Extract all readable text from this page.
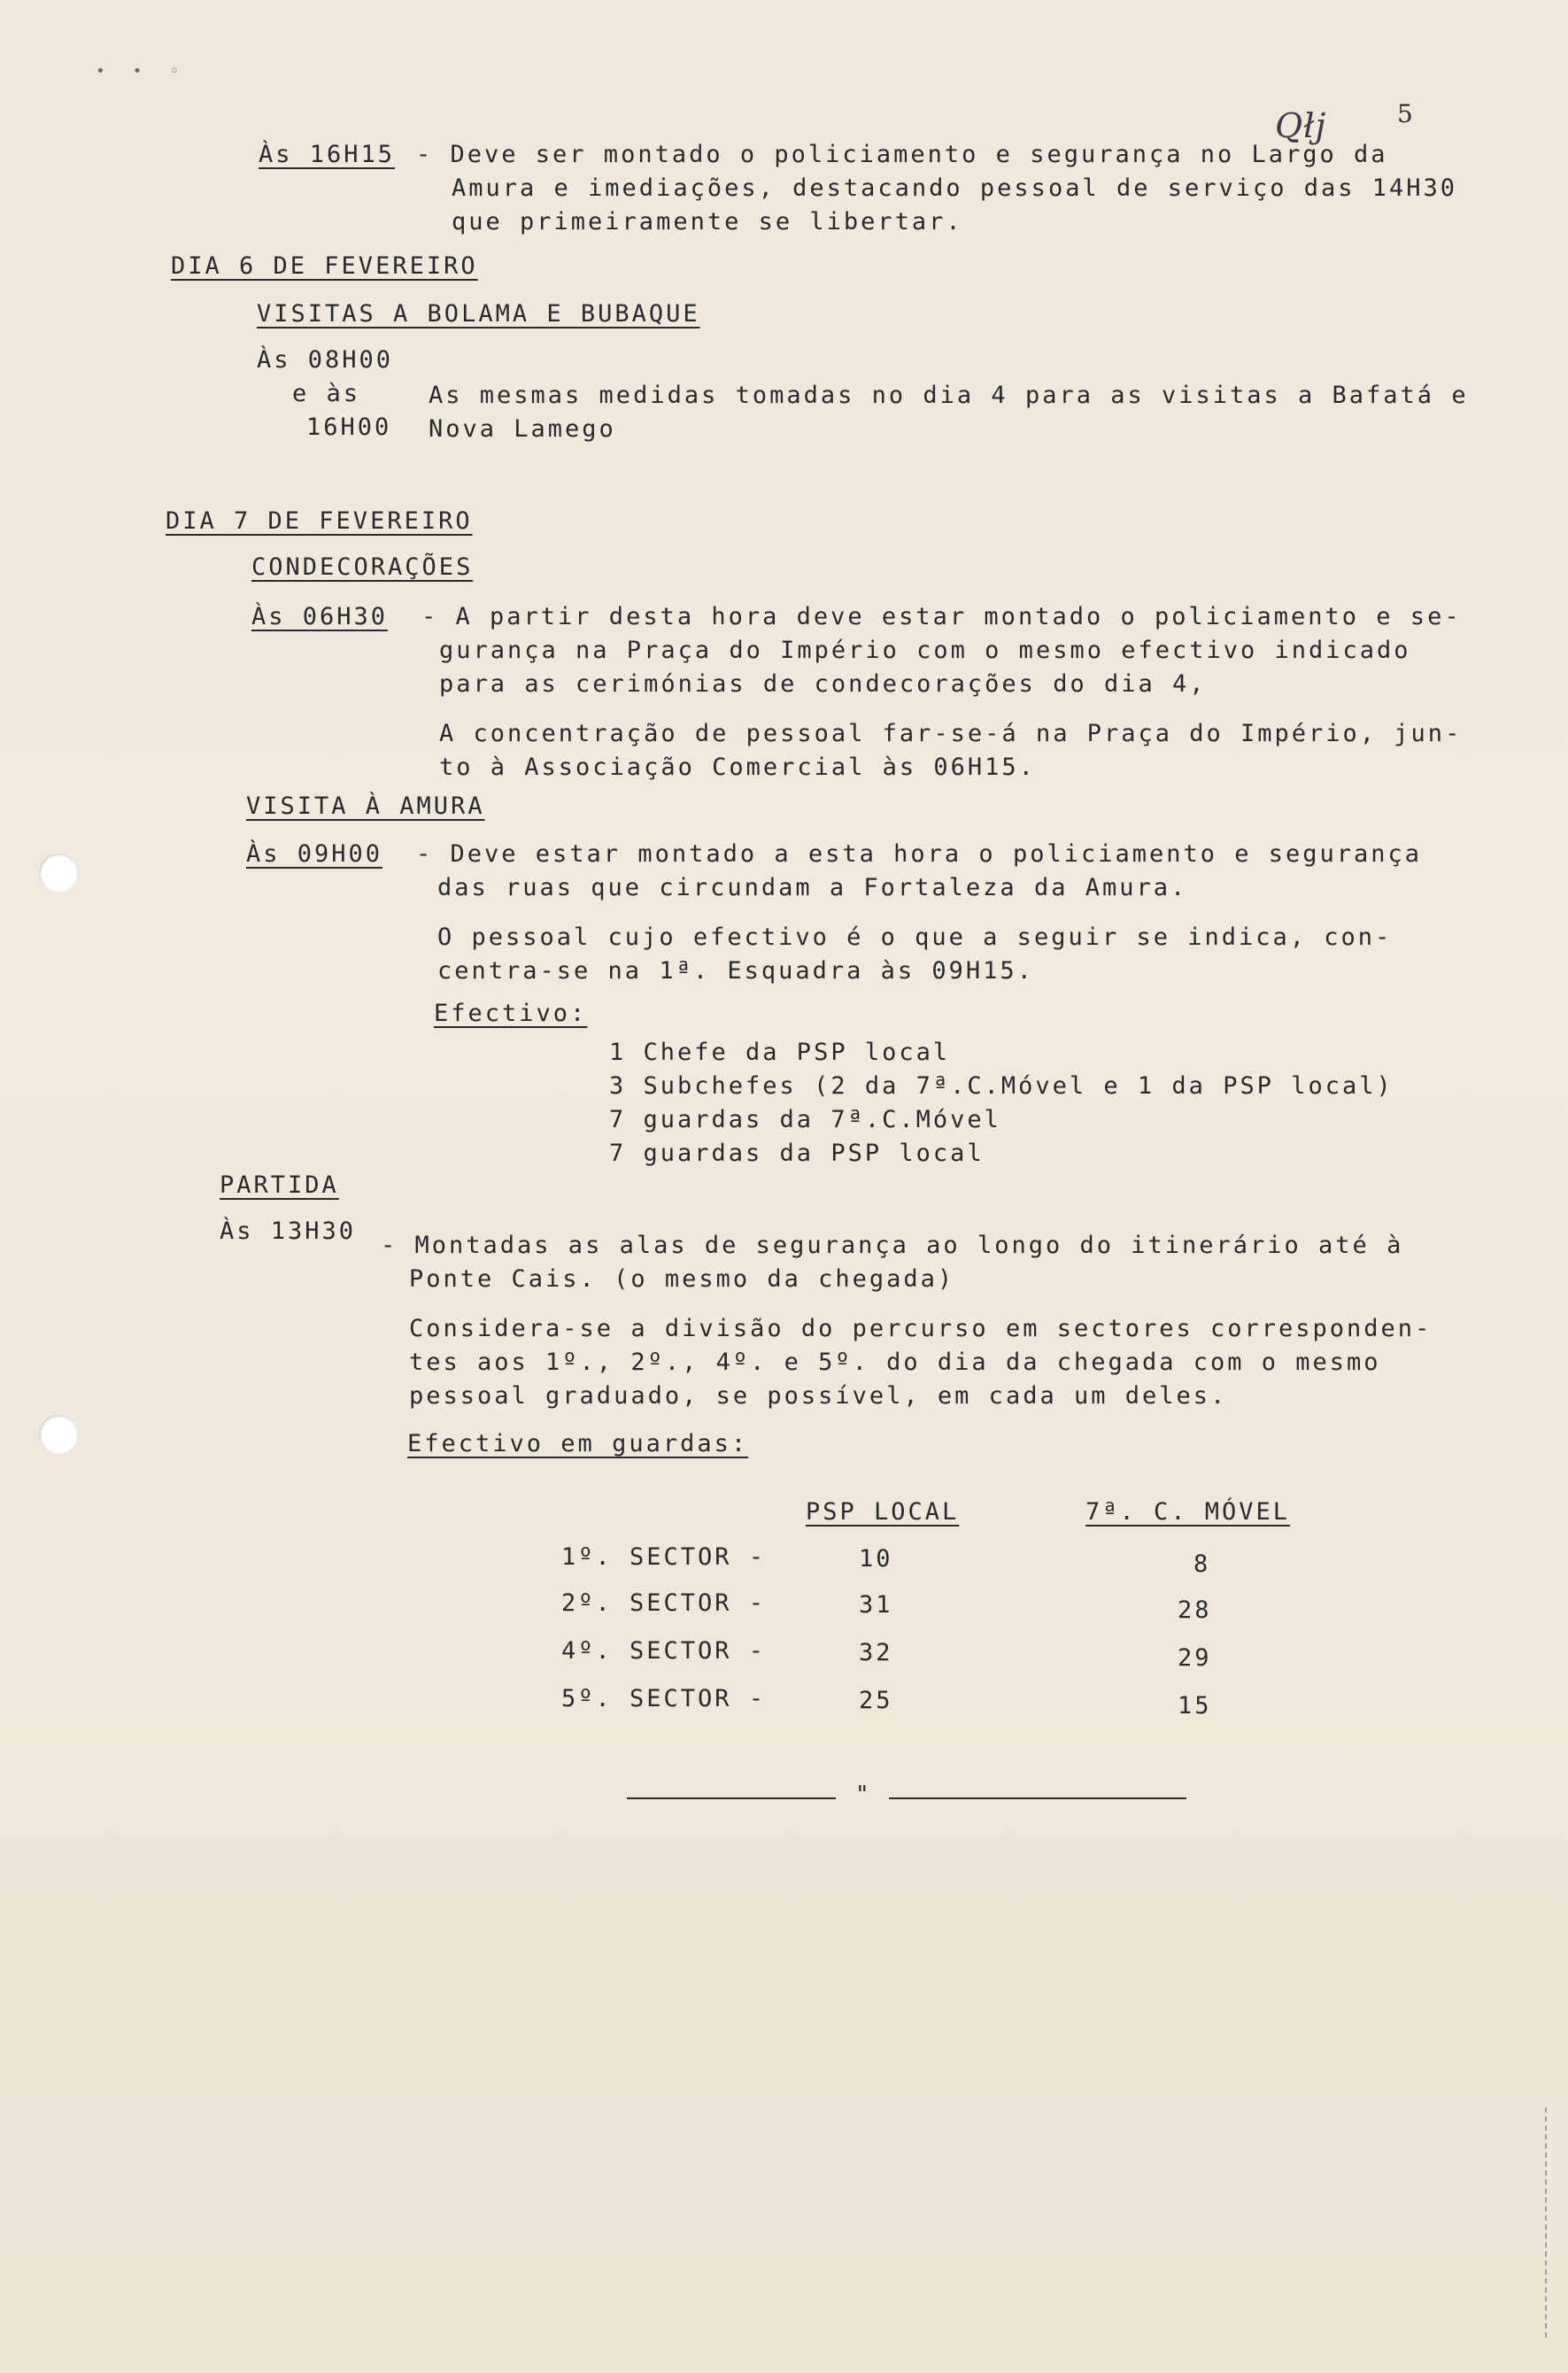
• • ◦
Qłj	5
Às 16H15 - Deve ser montado o policiamento e segurança no Largo da
Amura e imediações, destacando pessoal de serviço das 14H30
que primeiramente se libertar.
DIA 6 DE FEVEREIRO
VISITAS A BOLAMA E BUBAQUE
Às 08H00
e às
16H00
As mesmas medidas tomadas no dia 4 para as visitas a Bafatá e
Nova Lamego
DIA 7 DE FEVEREIRO
CONDECORAÇÕES
Às 06H30 - A partir desta hora deve estar montado o policiamento e se-
gurança na Praça do Império com o mesmo efectivo indicado
para as cerimónias de condecorações do dia 4,
A concentração de pessoal far-se-á na Praça do Império, jun-
to à Associação Comercial às 06H15.
VISITA À AMURA
Às 09H00 - Deve estar montado a esta hora o policiamento e segurança
das ruas que circundam a Fortaleza da Amura.
O pessoal cujo efectivo é o que a seguir se indica, con-
centra-se na 1ª. Esquadra às 09H15.
Efectivo:
1 Chefe da PSP local
3 Subchefes (2 da 7ª.C.Móvel e 1 da PSP local)
7 guardas da 7ª.C.Móvel
7 guardas da PSP local
PARTIDA
Às 13H30
- Montadas as alas de segurança ao longo do itinerário até à
Ponte Cais. (o mesmo da chegada)
Considera-se a divisão do percurso em sectores corresponden-
tes aos 1º., 2º., 4º. e 5º. do dia da chegada com o mesmo
pessoal graduado, se possível, em cada um deles.
Efectivo em guardas:
PSP LOCAL	7ª. C. MÓVEL
1º. SECTOR -	10	8
2º. SECTOR -	31	28
4º. SECTOR -	32	29
5º. SECTOR -	25	15
"
